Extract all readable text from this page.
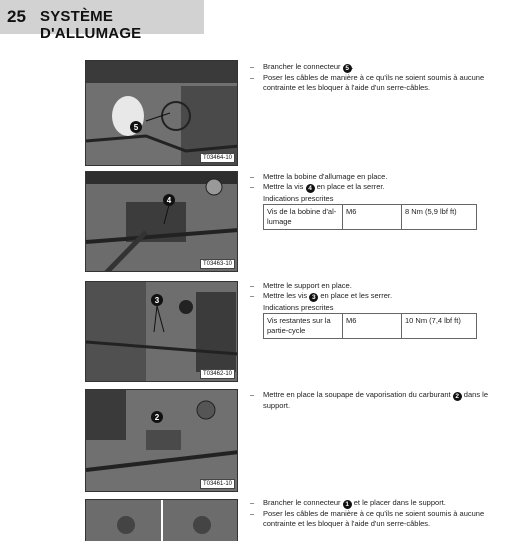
25 SYSTÈME D'ALLUMAGE
5
T03464-10
4
T03463-10
3
T03462-10
2
T03461-10
– Brancher le connecteur 5 .
– Poser les câbles de manière à ce qu'ils ne soient soumis à aucune contrainte et les bloquer à l'aide d'un serre-câbles.
– Mettre la bobine d'allumage en place.
– Mettre la vis 4 en place et la serrer.
Indications prescrites
Vis de la bobine d'al-lumage	M6	8 Nm (5,9 lbf ft)
– Mettre le support en place.
– Mettre les vis 3 en place et les serrer.
Indications prescrites
Vis restantes sur la partie-cycle	M6	10 Nm (7,4 lbf ft)
– Mettre en place la soupape de vaporisation du carburant 2 dans le support.
– Brancher le connecteur 1 et le placer dans le support.
– Poser les câbles de manière à ce qu'ils ne soient soumis à aucune contrainte et les bloquer à l'aide d'un serre-câbles.
